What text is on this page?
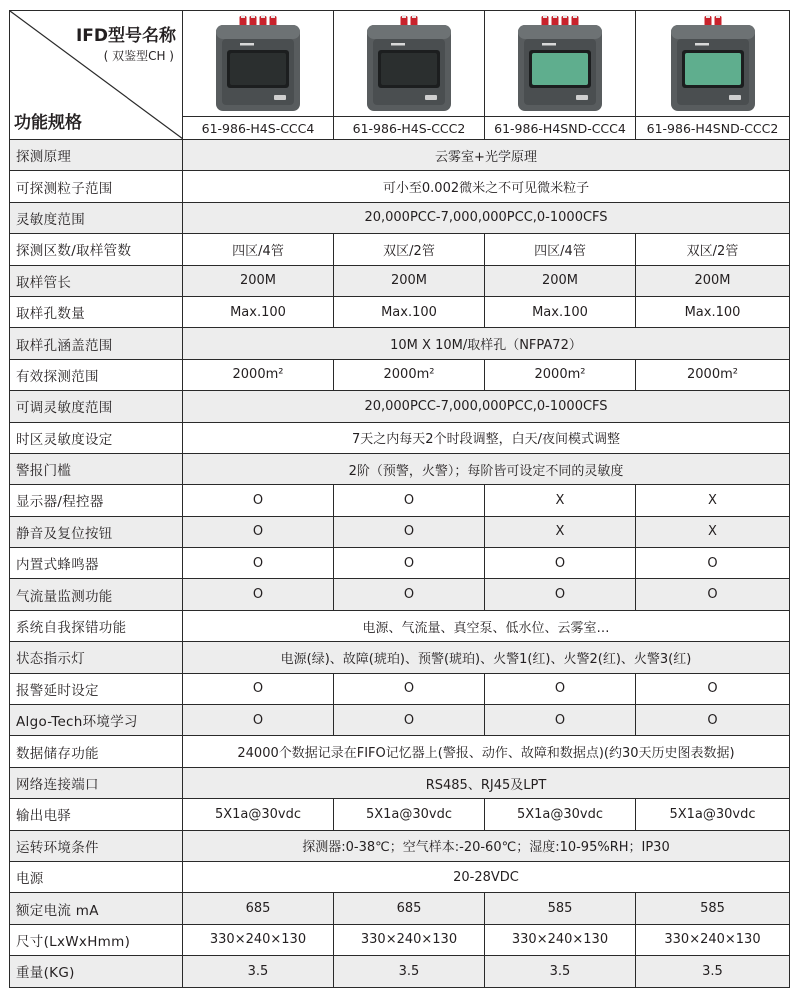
IFD型号名称
( 双鉴型CH )
功能规格

	61-986-H4S-CCC4	61-986-H4S-CCC2	61-986-H4SND-CCC4	61-986-H4SND-CCC2
探测原理	云雾室+光学原理			
可探测粒子范围	可小至0.002微米之不可见微米粒子			
灵敏度范围	20,000PCC-7,000,000PCC,0-1000CFS			
探测区数/取样管数	四区/4管	双区/2管	四区/4管	双区/2管
取样管长	200M	200M	200M	200M
取样孔数量	Max.100	Max.100	Max.100	Max.100
取样孔涵盖范围	10M X 10M/取样孔（NFPA72）			
有效探测范围	2000m²	2000m²	2000m²	2000m²
可调灵敏度范围	20,000PCC-7,000,000PCC,0-1000CFS			
时区灵敏度设定	7天之内每天2个时段调整，白天/夜间模式调整			
警报门槛	2阶（预警，火警）；每阶皆可设定不同的灵敏度			
显示器/程控器	O	O	X	X
静音及复位按钮	O	O	X	X
内置式蜂鸣器	O	O	O	O
气流量监测功能	O	O	O	O
系统自我探错功能	电源、气流量、真空泵、低水位、云雾室…			
状态指示灯	电源(绿)、故障(琥珀)、预警(琥珀)、火警1(红)、火警2(红)、火警3(红)			
报警延时设定	O	O	O	O
Algo-Tech环境学习	O	O	O	O
数据储存功能	24000个数据记录在FIFO记忆器上(警报、动作、故障和数据点)(约30天历史图表数据)			
网络连接端口	RS485、RJ45及LPT			
输出电驿	5X1a@30vdc	5X1a@30vdc	5X1a@30vdc	5X1a@30vdc
运转环境条件	探测器:0-38℃；空气样本:-20-60℃；湿度:10-95%RH；IP30			
电源	20-28VDC			
额定电流 mA	685	685	585	585
尺寸(LxWxHmm)	330×240×130	330×240×130	330×240×130	330×240×130
重量(KG)	3.5	3.5	3.5	3.5
